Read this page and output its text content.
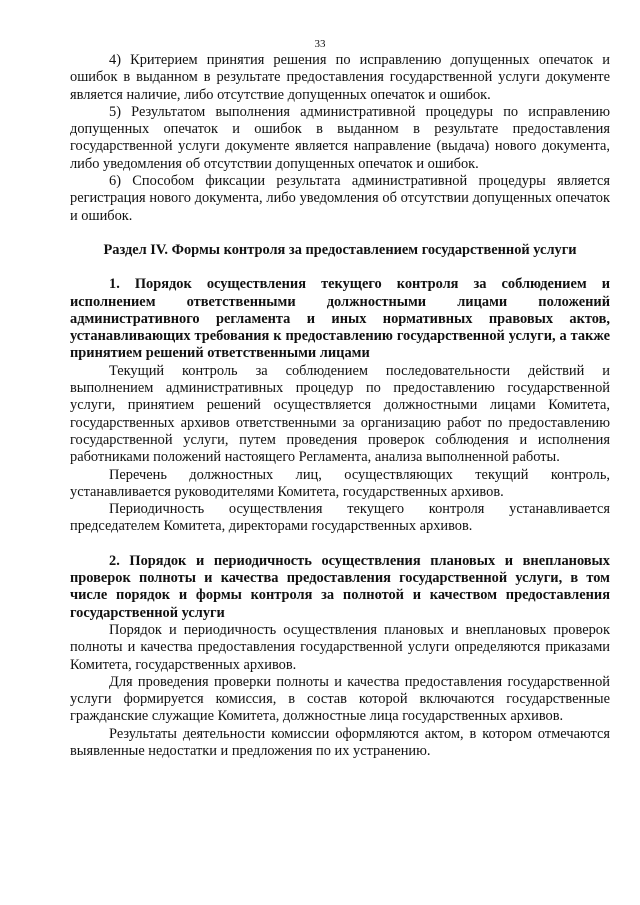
33

4) Критерием принятия решения по исправлению допущенных опечаток и ошибок в выданном в результате предоставления государственной услуги документе является наличие, либо отсутствие допущенных опечаток и ошибок.

5) Результатом выполнения административной процедуры по исправлению допущенных опечаток и ошибок в выданном в результате предоставления государственной услуги документе является направление (выдача) нового документа, либо уведомления об отсутствии допущенных опечаток и ошибок.

6) Способом фиксации результата административной процедуры является регистрация нового документа, либо уведомления об отсутствии допущенных опечаток и ошибок.

Раздел IV. Формы контроля за предоставлением государственной услуги

1. Порядок осуществления текущего контроля за соблюдением и исполнением ответственными должностными лицами положений административного регламента и иных нормативных правовых актов, устанавливающих требования к предоставлению государственной услуги, а также принятием решений ответственными лицами

Текущий контроль за соблюдением последовательности действий и выполнением административных процедур по предоставлению государственной услуги, принятием решений осуществляется должностными лицами Комитета, государственных архивов ответственными за организацию работ по предоставлению государственной услуги, путем проведения проверок соблюдения и исполнения работниками положений настоящего Регламента, анализа выполненной работы.

Перечень должностных лиц, осуществляющих текущий контроль, устанавливается руководителями Комитета, государственных архивов.

Периодичность осуществления текущего контроля устанавливается председателем Комитета, директорами государственных архивов.

2. Порядок и периодичность осуществления плановых и внеплановых проверок полноты и качества предоставления государственной услуги, в том числе порядок и формы контроля за полнотой и качеством предоставления государственной услуги

Порядок и периодичность осуществления плановых и внеплановых проверок полноты и качества предоставления государственной услуги определяются приказами Комитета, государственных архивов.

Для проведения проверки полноты и качества предоставления государственной услуги формируется комиссия, в состав которой включаются государственные гражданские служащие Комитета, должностные лица государственных архивов.

Результаты деятельности комиссии оформляются актом, в котором отмечаются выявленные недостатки и предложения по их устранению.
